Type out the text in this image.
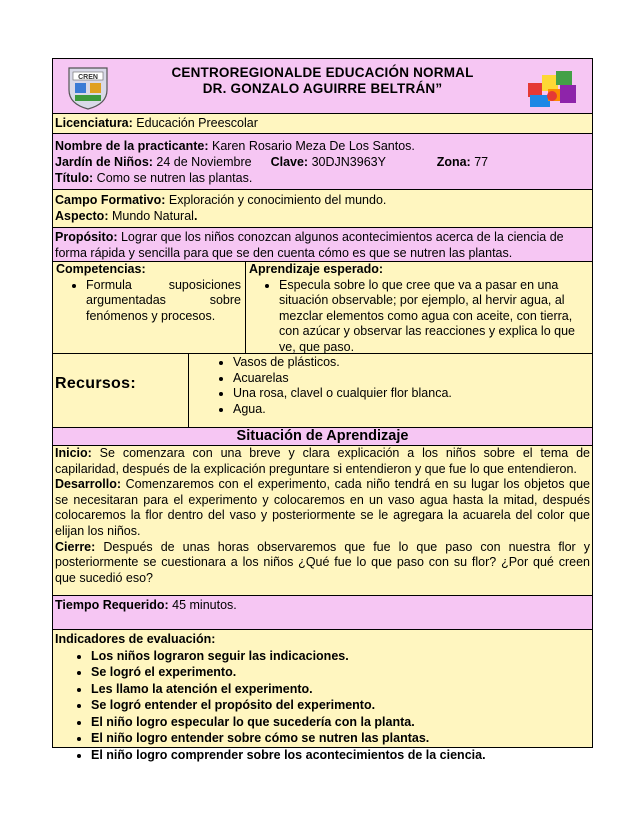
CREN	CENTROREGIONALDE EDUCACIÓN NORMAL
DR. GONZALO AGUIRRE BELTRÁN”
Licenciatura: Educación Preescolar
Nombre de la practicante: Karen Rosario Meza De Los Santos.
Jardín de Niños: 24 de Noviembre Clave: 30DJN3963Y	Zona: 77
Título: Como se nutren las plantas.
Campo Formativo: Exploración y conocimiento del mundo.
Aspecto: Mundo Natural.
Propósito: Lograr que los niños conozcan algunos acontecimientos acerca de la ciencia de forma rápida y sencilla para que se den cuenta cómo es que se nutren las plantas.
Competencias:
• Formula suposiciones argumentadas sobre fenómenos y procesos.
Aprendizaje esperado:
• Especula sobre lo que cree que va a pasar en una situación observable; por ejemplo, al hervir agua, al mezclar elementos como agua con aceite, con tierra, con azúcar y observar las reacciones y explica lo que ve, que paso.
Recursos:
• Vasos de plásticos.
• Acuarelas
• Una rosa, clavel o cualquier flor blanca.
• Agua.
Situación de Aprendizaje

Inicio: Se comenzara con una breve y clara explicación a los niños sobre el tema de capilaridad, después de la explicación preguntare si entendieron y que fue lo que entendieron.

Desarrollo: Comenzaremos con el experimento, cada niño tendrá en su lugar los objetos que se necesitaran para el experimento y colocaremos en un vaso agua hasta la mitad, después colocaremos la flor dentro del vaso y posteriormente se le agregara la acuarela del color que elijan los niños.

Cierre: Después de unas horas observaremos que fue lo que paso con nuestra flor y posteriormente se cuestionara a los niños ¿Qué fue lo que paso con su flor? ¿Por qué creen que sucedió eso?

Tiempo Requerido: 45 minutos.
Indicadores de evaluación:
• Los niños lograron seguir las indicaciones.
• Se logró el experimento.
• Les llamo la atención el experimento.
• Se logró entender el propósito del experimento.
• El niño logro especular lo que sucedería con la planta.
• El niño logro entender sobre cómo se nutren las plantas.
• El niño logro comprender sobre los acontecimientos de la ciencia.
